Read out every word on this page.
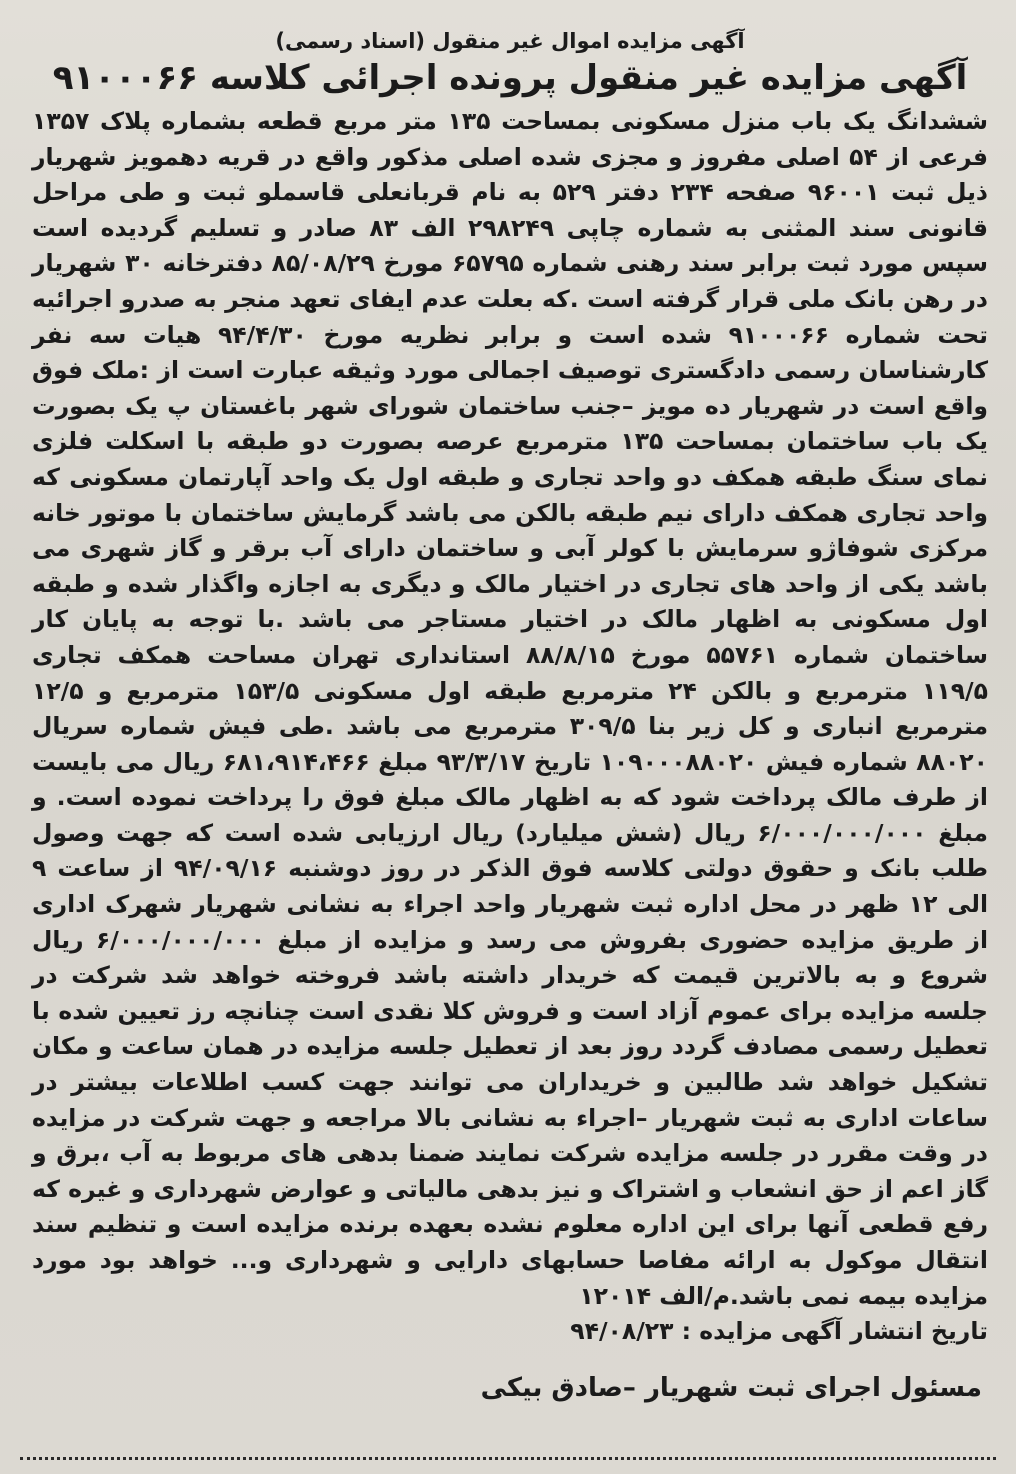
آگهی مزایده اموال غیر منقول (اسناد رسمی)

آگهی مزایده غیر منقول پرونده اجرائی کلاسه ۹۱۰۰۰۶۶

ششدانگ یک باب منزل مسکونی بمساحت ۱۳۵ متر مربع قطعه بشماره پلاک ۱۳۵۷ فرعی از ۵۴ اصلی مفروز و مجزی شده اصلی مذکور واقع در قریه دهمویز شهریار ذیل ثبت ۹۶۰۰۱ صفحه ۲۳۴ دفتر ۵۲۹ به نام قربانعلی قاسملو ثبت و طی مراحل قانونی سند المثنی به شماره چاپی ۲۹۸۲۴۹ الف ۸۳ صادر و تسلیم گردیده است سپس مورد ثبت برابر سند رهنی شماره ۶۵۷۹۵ مورخ ۸۵/۰۸/۲۹ دفترخانه ۳۰ شهریار در رهن بانک ملی قرار گرفته است .که بعلت عدم ایفای تعهد منجر به صدرو اجرائیه تحت شماره ۹۱۰۰۰۶۶ شده است و برابر نظریه مورخ ۹۴/۴/۳۰ هیات سه نفر کارشناسان رسمی دادگستری توصیف اجمالی مورد وثیقه عبارت است از :ملک فوق واقع است در شهریار ده مویز –جنب ساختمان شورای شهر باغستان پ یک بصورت یک باب ساختمان بمساحت ۱۳۵ مترمربع عرصه بصورت دو طبقه با اسکلت فلزی نمای سنگ طبقه همکف دو واحد تجاری و طبقه اول یک واحد آپارتمان مسکونی که واحد تجاری همکف دارای نیم طبقه بالکن می باشد گرمایش ساختمان با موتور خانه مرکزی شوفاژو سرمایش با کولر آبی و ساختمان دارای آب برقر و گاز شهری می باشد یکی از واحد های تجاری در اختیار مالک و دیگری به اجازه واگذار شده و طبقه اول مسکونی به اظهار مالک در اختیار مستاجر می باشد .با توجه به پایان کار ساختمان شماره ۵۵۷۶۱ مورخ ۸۸/۸/۱۵ استانداری تهران مساحت همکف تجاری ۱۱۹/۵ مترمربع و بالکن ۲۴ مترمربع طبقه اول مسکونی ۱۵۳/۵ مترمربع و ۱۲/۵ مترمربع انباری و کل زیر بنا ۳۰۹/۵ مترمربع می باشد .طی فیش شماره سریال ۸۸۰۲۰ شماره فیش ۱۰۹۰۰۰۸۸۰۲۰ تاریخ ۹۳/۳/۱۷ مبلغ ۶۸۱،۹۱۴،۴۶۶ ریال می بایست از طرف مالک پرداخت شود که به اظهار مالک مبلغ فوق را پرداخت نموده است. و مبلغ ۶/۰۰۰/۰۰۰/۰۰۰ ریال (شش میلیارد) ریال ارزیابی شده است که جهت وصول طلب بانک و حقوق دولتی کلاسه فوق الذکر در روز دوشنبه ۹۴/۰۹/۱۶ از ساعت ۹ الی ۱۲ ظهر در محل اداره ثبت شهریار واحد اجراء به نشانی شهریار شهرک اداری از طریق مزایده حضوری بفروش می رسد و مزایده از مبلغ ۶/۰۰۰/۰۰۰/۰۰۰ ریال شروع و به بالاترین قیمت که خریدار داشته باشد فروخته خواهد شد شرکت در جلسه مزایده برای عموم آزاد است و فروش کلا نقدی است چنانچه رز تعیین شده با تعطیل رسمی مصادف گردد روز بعد از تعطیل جلسه مزایده در همان ساعت و مکان تشکیل خواهد شد طالبین و خریداران می توانند جهت کسب اطلاعات بیشتر در ساعات اداری به ثبت شهریار –اجراء به نشانی بالا مراجعه و جهت شرکت در مزایده در وقت مقرر در جلسه مزایده شرکت نمایند ضمنا بدهی های مربوط به آب ،برق و گاز اعم از حق انشعاب و اشتراک و نیز بدهی مالیاتی و عوارض شهرداری و غیره که رفع قطعی آنها برای این اداره معلوم نشده بعهده برنده مزایده است و تنظیم سند انتقال موکول به ارائه مفاصا حسابهای دارایی و شهرداری و... خواهد بود مورد مزایده بیمه نمی باشد.م/الف ۱۲۰۱۴

تاریخ انتشار آگهی مزایده : ۹۴/۰۸/۲۳

مسئول اجرای ثبت شهریار –صادق بیکی
